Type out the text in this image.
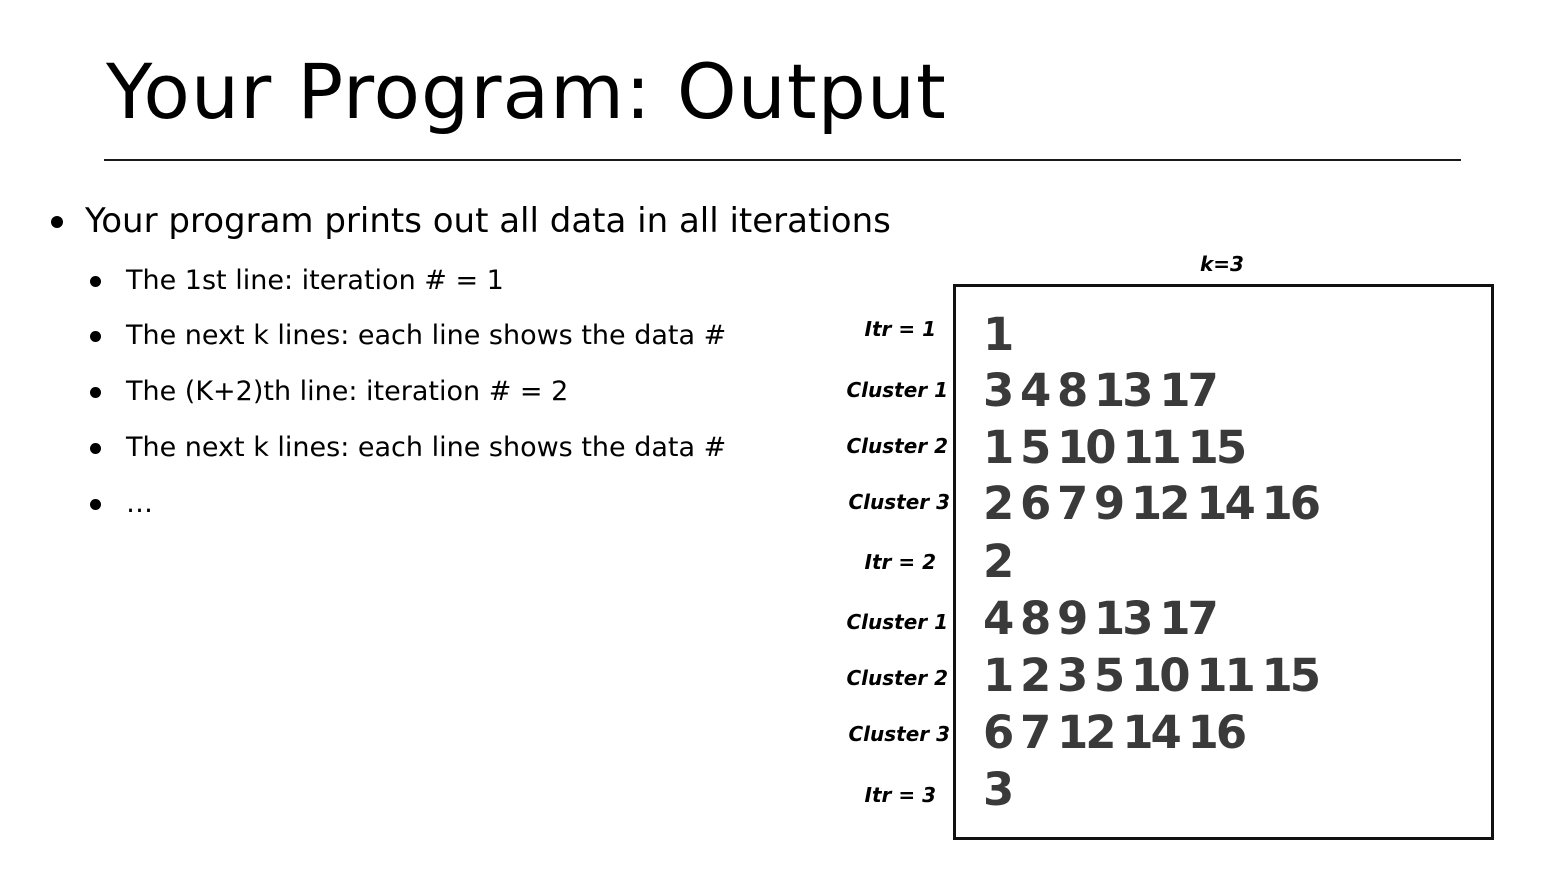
Your Program: Output
Your program prints out all data in all iterations
The 1st line: iteration # = 1
The next k lines: each line shows the data #
The (K+2)th line: iteration # = 2
The next k lines: each line shows the data #
…
k=3
Itr = 1
Cluster 1
Cluster 2
Cluster 3
Itr = 2
Cluster 1
Cluster 2
Cluster 3
Itr = 3
1
3 4 8 13 17
1 5 10 11 15
2 6 7 9 12 14 16
2
4 8 9 13 17
1 2 3 5 10 11 15
6 7 12 14 16
3
